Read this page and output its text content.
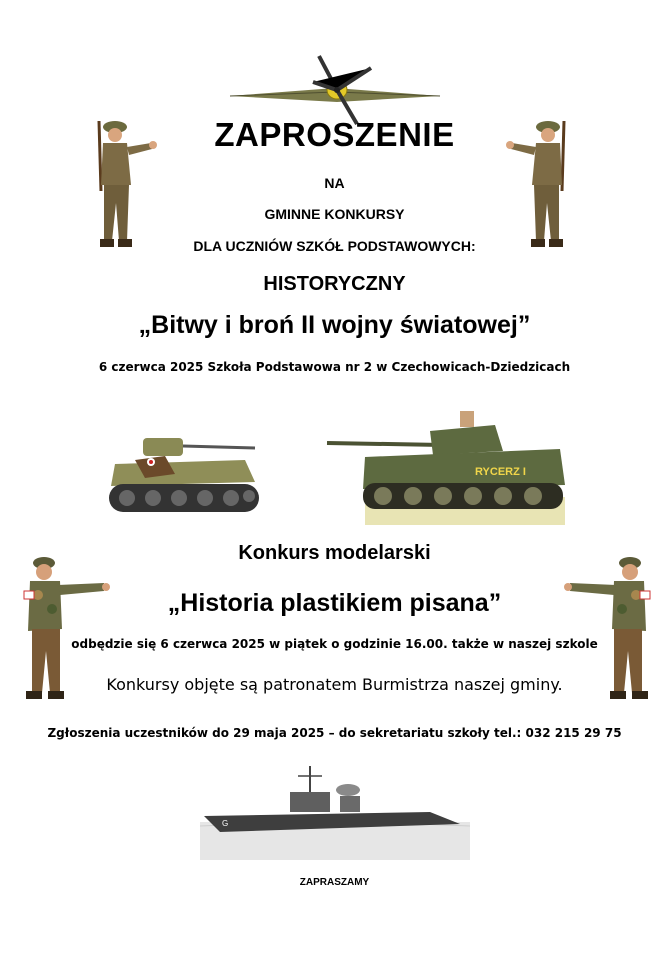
ZAPROSZENIE
NA
GMINNE KONKURSY
DLA UCZNIÓW SZKÓŁ PODSTAWOWYCH:
HISTORYCZNY
„Bitwy i broń II wojny światowej”
6 czerwca 2025 Szkoła Podstawowa nr 2 w Czechowicach-Dziedzicach
RYCERZ I
Konkurs modelarski
„Historia plastikiem pisana”
odbędzie się 6 czerwca 2025 w piątek o godzinie 16.00. także w naszej szkole
Konkursy objęte są patronatem Burmistrza naszej gminy.
Zgłoszenia uczestników do 29 maja 2025 – do sekretariatu szkoły tel.: 032 215 29 75
G
ZAPRASZAMY
